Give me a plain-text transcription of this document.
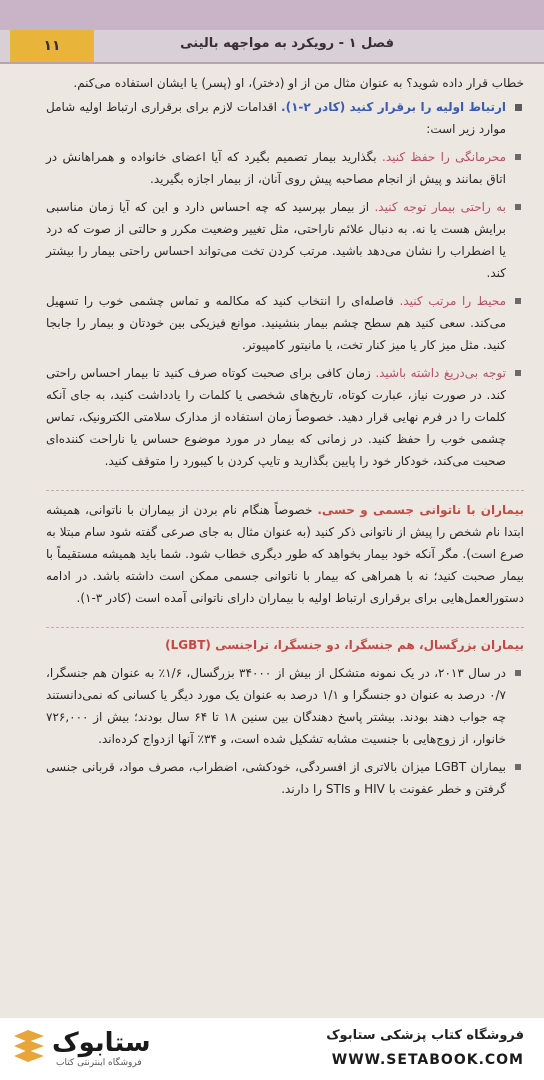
فصل ۱ - رویکرد به مواجهه بالینی
۱۱

خطاب قرار داده شوید؟ به عنوان مثال من از او (دختر)، او (پسر) یا ایشان استفاده می‌کنم.

ارتباط اولیه را برقرار کنید (کادر ۲-۱). اقدامات لازم برای برقراری ارتباط اولیه شامل موارد زیر است:
محرمانگی را حفظ کنید. بگذارید بیمار تصمیم بگیرد که آیا اعضای خانواده و همراهانش در اتاق بمانند و پیش از انجام مصاحبه پیش روی آنان، از بیمار اجازه بگیرید.
به راحتی بیمار توجه کنید. از بیمار بپرسید که چه احساس دارد و این که آیا زمان مناسبی برایش هست یا نه. به دنبال علائم ناراحتی، مثل تغییر وضعیت مکرر و حالتی از صوت که درد یا اضطراب را نشان می‌دهد باشید. مرتب کردن تخت می‌تواند احساس راحتی بیمار را بیشتر کند.
محیط را مرتب کنید. فاصله‌ای را انتخاب کنید که مکالمه و تماس چشمی خوب را تسهیل می‌کند. سعی کنید هم سطح چشم بیمار بنشینید. موانع فیزیکی بین خودتان و بیمار را جابجا کنید. مثل میز کار یا میز کنار تخت، یا مانیتور کامپیوتر.
توجه بی‌دریغ داشته باشید. زمان کافی برای صحبت کوتاه صرف کنید تا بیمار احساس راحتی کند. در صورت نیاز، عبارت کوتاه، تاریخ‌های شخصی یا کلمات را یادداشت کنید، به جای آنکه کلمات را در فرم نهایی قرار دهید. خصوصاً زمان استفاده از مدارک سلامتی الکترونیک، تماس چشمی خوب را حفظ کنید. در زمانی که بیمار در مورد موضوع حساس یا ناراحت کننده‌ای صحبت می‌کند، خودکار خود را پایین بگذارید و تایپ کردن با کیبورد را متوقف کنید.

بیماران با ناتوانی جسمی و حسی. خصوصاً هنگام نام بردن از بیماران با ناتوانی، همیشه ابتدا نام شخص را پیش از ناتوانی ذکر کنید (به عنوان مثال به جای صرعی گفته شود سام مبتلا به صرع است). مگر آنکه خود بیمار بخواهد که طور دیگری خطاب شود. شما باید همیشه مستقیماً با بیمار صحبت کنید؛ نه با همراهی که بیمار با ناتوانی جسمی ممکن است داشته باشد. در ادامه دستورالعمل‌هایی برای برقراری ارتباط اولیه با بیماران دارای ناتوانی آمده است (کادر ۳-۱).

بیماران بزرگسال، هم جنسگرا، دو جنسگرا، تراجنسی (LGBT)

در سال ۲۰۱۳، در یک نمونه متشکل از بیش از ۳۴۰۰۰ بزرگسال، ۱/۶٪ به عنوان هم جنسگرا، ۰/۷ درصد به عنوان دو جنسگرا و ۱/۱ درصد به عنوان یک مورد دیگر یا کسانی که نمی‌دانستند چه جواب دهند بودند. بیشتر پاسخ دهندگان بین سنین ۱۸ تا ۶۴ سال بودند؛ بیش از ۷۲۶,۰۰۰ خانوار، از زوج‌هایی با جنسیت مشابه تشکیل شده است، و ۳۴٪ آنها ازدواج کرده‌اند.
بیماران LGBT میزان بالاتری از افسردگی، خودکشی، اضطراب، مصرف مواد، قربانی جنسی گرفتن و خطر عفونت با HIV و STIs را دارند.
فروشگاه کتاب پزشکی ستابوک
WWW.SETABOOK.COM
ستابوک
فروشگاه اینترنتی کتاب
